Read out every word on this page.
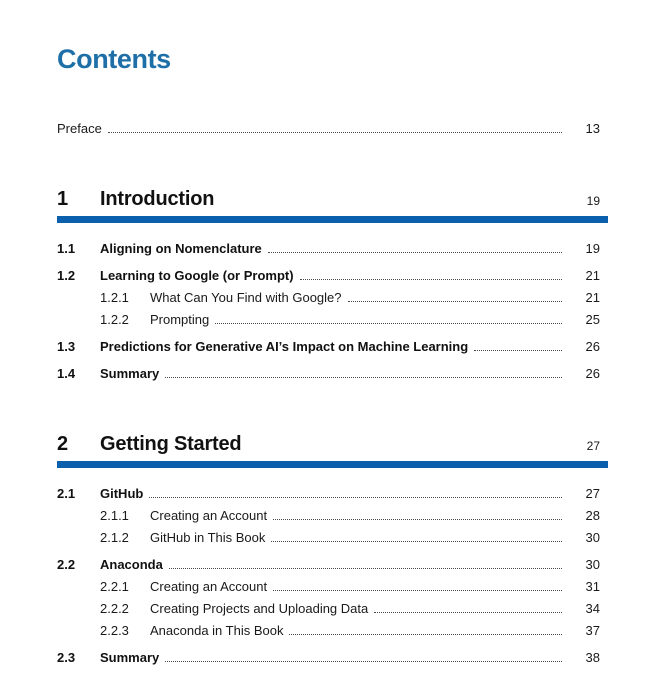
Contents
Preface	13
1	Introduction	19
1.1	Aligning on Nomenclature	19
1.2	Learning to Google (or Prompt)	21
1.2.1	What Can You Find with Google?	21
1.2.2	Prompting	25
1.3	Predictions for Generative AI’s Impact on Machine Learning	26
1.4	Summary	26
2	Getting Started	27
2.1	GitHub	27
2.1.1	Creating an Account	28
2.1.2	GitHub in This Book	30
2.2	Anaconda	30
2.2.1	Creating an Account	31
2.2.2	Creating Projects and Uploading Data	34
2.2.3	Anaconda in This Book	37
2.3	Summary	38
